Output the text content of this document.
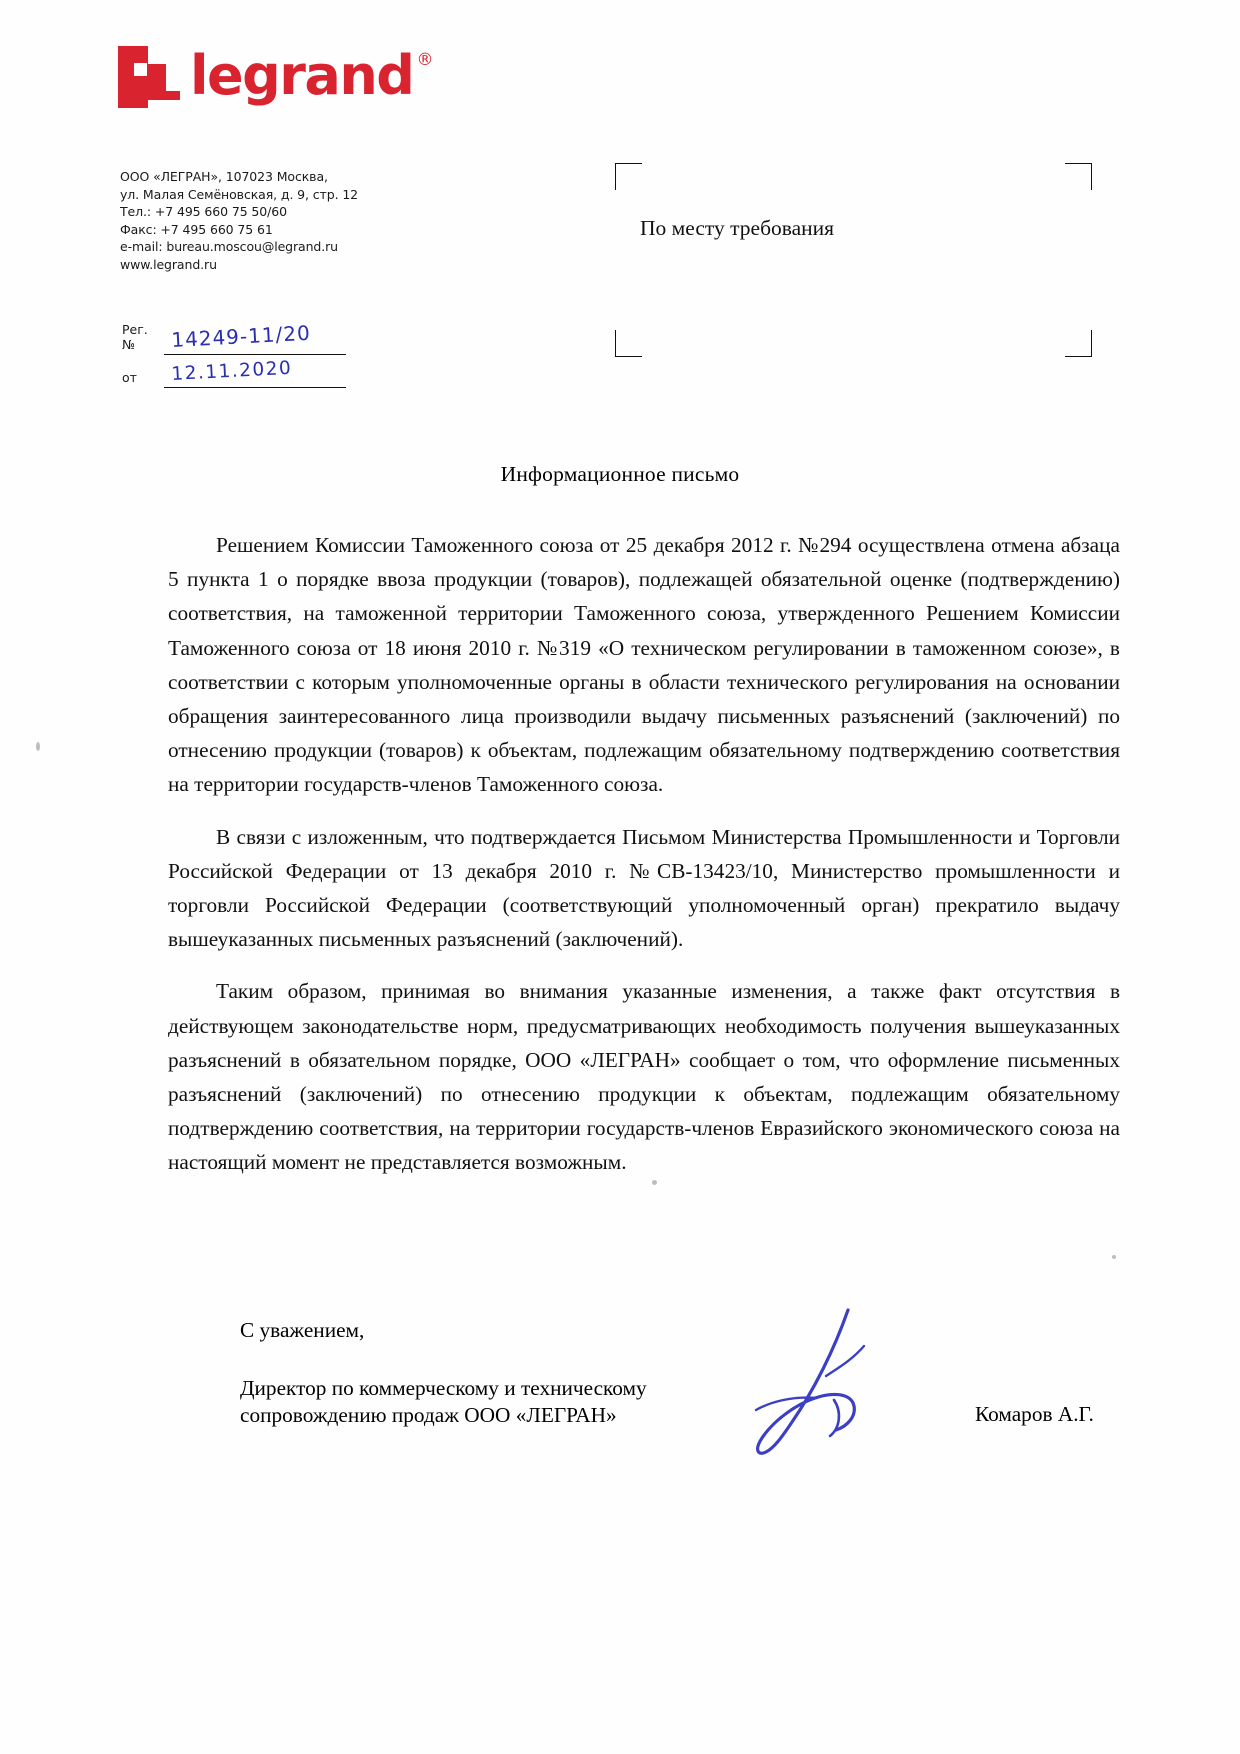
legrand ®
ООО «ЛЕГРАН», 107023 Москва,
ул. Малая Семёновская, д. 9, стр. 12
Тел.: +7 495 660 75 50/60
Факс: +7 495 660 75 61
e-mail: bureau.moscou@legrand.ru
www.legrand.ru
Рег. №	14249-11/20
от	12.11.2020
По месту требования
Информационное письмо

Решением Комиссии Таможенного союза от 25 декабря 2012 г. №294 осуществлена отмена абзаца 5 пункта 1 о порядке ввоза продукции (товаров), подлежащей обязательной оценке (подтверждению) соответствия, на таможенной территории Таможенного союза, утвержденного Решением Комиссии Таможенного союза от 18 июня 2010 г. №319 «О техническом регулировании в таможенном союзе», в соответствии с которым уполномоченные органы в области технического регулирования на основании обращения заинтересованного лица производили выдачу письменных разъяснений (заключений) по отнесению продукции (товаров) к объектам, подлежащим обязательному подтверждению соответствия на территории государств-членов Таможенного союза.

В связи с изложенным, что подтверждается Письмом Министерства Промышленности и Торговли Российской Федерации от 13 декабря 2010 г. №СВ-13423/10, Министерство промышленности и торговли Российской Федерации (соответствующий уполномоченный орган) прекратило выдачу вышеуказанных письменных разъяснений (заключений).

Таким образом, принимая во внимания указанные изменения, а также факт отсутствия в действующем законодательстве норм, предусматривающих необходимость получения вышеуказанных разъяснений в обязательном порядке, ООО «ЛЕГРАН» сообщает о том, что оформление письменных разъяснений (заключений) по отнесению продукции к объектам, подлежащим обязательному подтверждению соответствия, на территории государств-членов Евразийского экономического союза на настоящий момент не представляется возможным.

С уважением,
Директор по коммерческому и техническому
сопровождению продаж ООО «ЛЕГРАН»	Комаров А.Г.
